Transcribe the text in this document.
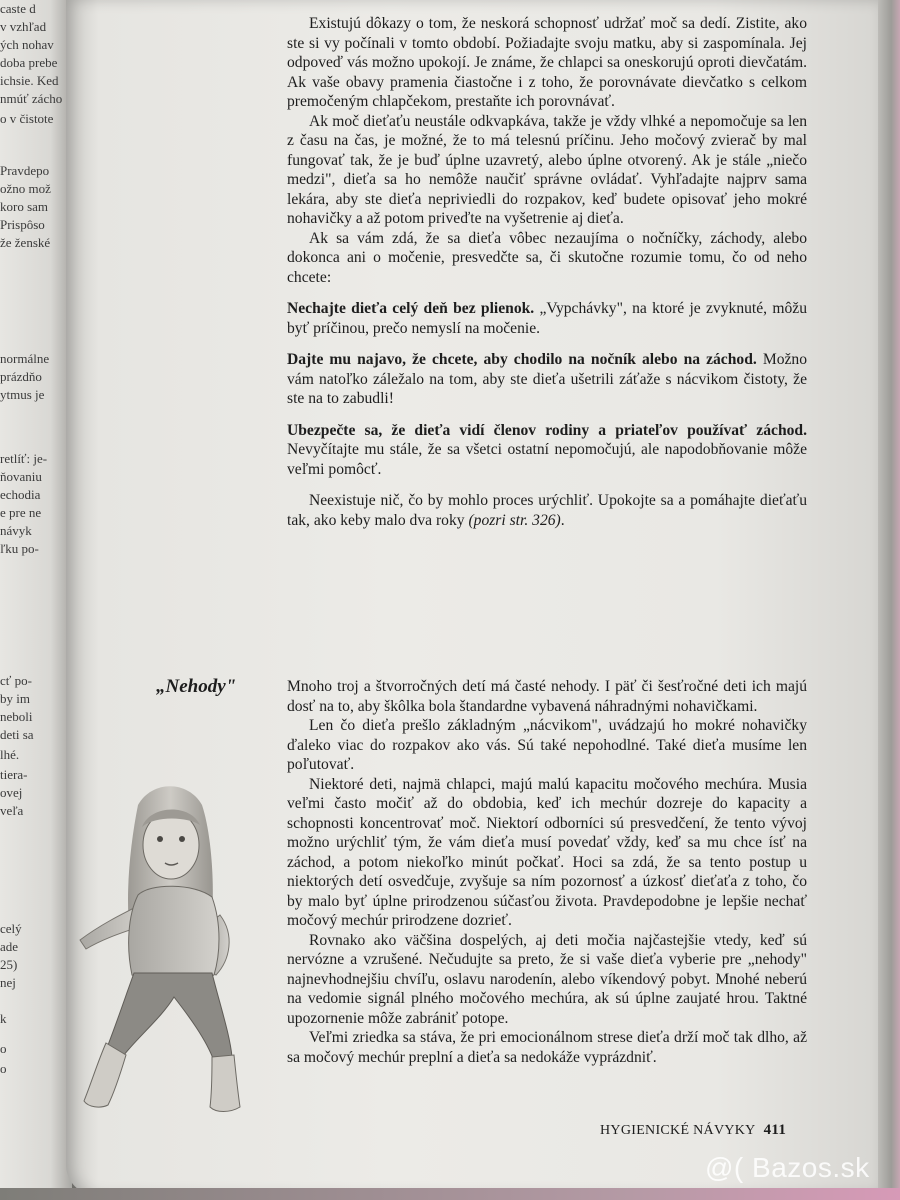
caste d
v vzhľad
ých nohav
doba prebe
ichsie. Ked
nmúť zácho
o v čistote
Pravdepo
ožno mož
koro sam
Prispôso
že ženské
normálne
prázdňo
ytmus je
retlíť: je-
ňovaniu
echodia
e pre ne
návyk
ľku po-
cť po-
by im
neboli
deti sa
lhé.
tiera-
ovej
veľa
celý
ade
25)
nej
k
o
o

Existujú dôkazy o tom, že neskorá schopnosť udržať moč sa dedí. Zistite, ako ste si vy počínali v tomto období. Požiadajte svoju matku, aby si zaspomínala. Jej odpoveď vás možno upokojí. Je známe, že chlapci sa oneskorujú oproti dievčatám. Ak vaše obavy pramenia čiastočne i z toho, že porovnávate dievčatko s celkom premočeným chlapčekom, prestaňte ich porovnávať.

Ak moč dieťaťu neustále odkvapkáva, takže je vždy vlhké a nepomočuje sa len z času na čas, je možné, že to má telesnú príčinu. Jeho močový zvierač by mal fungovať tak, že je buď úplne uzavretý, alebo úplne otvorený. Ak je stále „niečo medzi", dieťa sa ho nemôže naučiť správne ovládať. Vyhľadajte najprv sama lekára, aby ste dieťa nepriviedli do rozpakov, keď budete opisovať jeho mokré nohavičky a až potom priveďte na vyšetrenie aj dieťa.

Ak sa vám zdá, že sa dieťa vôbec nezaujíma o nočníčky, záchody, alebo dokonca ani o močenie, presvedčte sa, či skutočne rozumie tomu, čo od neho chcete:

Nechajte dieťa celý deň bez plienok. „Vypchávky", na ktoré je zvyknuté, môžu byť príčinou, prečo nemyslí na močenie.

Dajte mu najavo, že chcete, aby chodilo na nočník alebo na záchod. Možno vám natoľko záležalo na tom, aby ste dieťa ušetrili záťaže s nácvikom čistoty, že ste na to zabudli!

Ubezpečte sa, že dieťa vidí členov rodiny a priateľov používať záchod. Nevyčítajte mu stále, že sa všetci ostatní nepomočujú, ale napodobňovanie môže veľmi pomôcť.

Neexistuje nič, čo by mohlo proces urýchliť. Upokojte sa a pomáhajte dieťaťu tak, ako keby malo dva roky (pozri str. 326).

„Nehody"	Mnoho troj a štvorročných detí má časté nehody. I päť či šesťročné deti ich majú dosť na to, aby škôlka bola štandardne vybavená náhradnými nohavičkami.

Len čo dieťa prešlo základným „nácvikom", uvádzajú ho mokré nohavičky ďaleko viac do rozpakov ako vás. Sú také nepohodlné. Také dieťa musíme len poľutovať.

Niektoré deti, najmä chlapci, majú malú kapacitu močového mechúra. Musia veľmi často močiť až do obdobia, keď ich mechúr dozreje do kapacity a schopnosti koncentrovať moč. Niektorí odborníci sú presvedčení, že tento vývoj možno urýchliť tým, že vám dieťa musí povedať vždy, keď sa mu chce ísť na záchod, a potom niekoľko minút počkať. Hoci sa zdá, že sa tento postup u niektorých detí osvedčuje, zvyšuje sa ním pozornosť a úzkosť dieťaťa z toho, čo by malo byť úplne prirodzenou súčasťou života. Pravdepodobne je lepšie nechať močový mechúr prirodzene dozrieť.

Rovnako ako väčšina dospelých, aj deti močia najčastejšie vtedy, keď sú nervózne a vzrušené. Nečudujte sa preto, že si vaše dieťa vyberie pre „nehody" najnevhodnejšiu chvíľu, oslavu narodenín, alebo víkendový pobyt. Mnohé neberú na vedomie signál plného močového mechúra, ak sú úplne zaujaté hrou. Taktné upozornenie môže zabrániť potope.

Veľmi zriedka sa stáva, že pri emocionálnom strese dieťa drží moč tak dlho, až sa močový mechúr preplní a dieťa sa nedokáže vyprázdniť.

HYGIENICKÉ NÁVYKY 411
@( Bazos.sk
